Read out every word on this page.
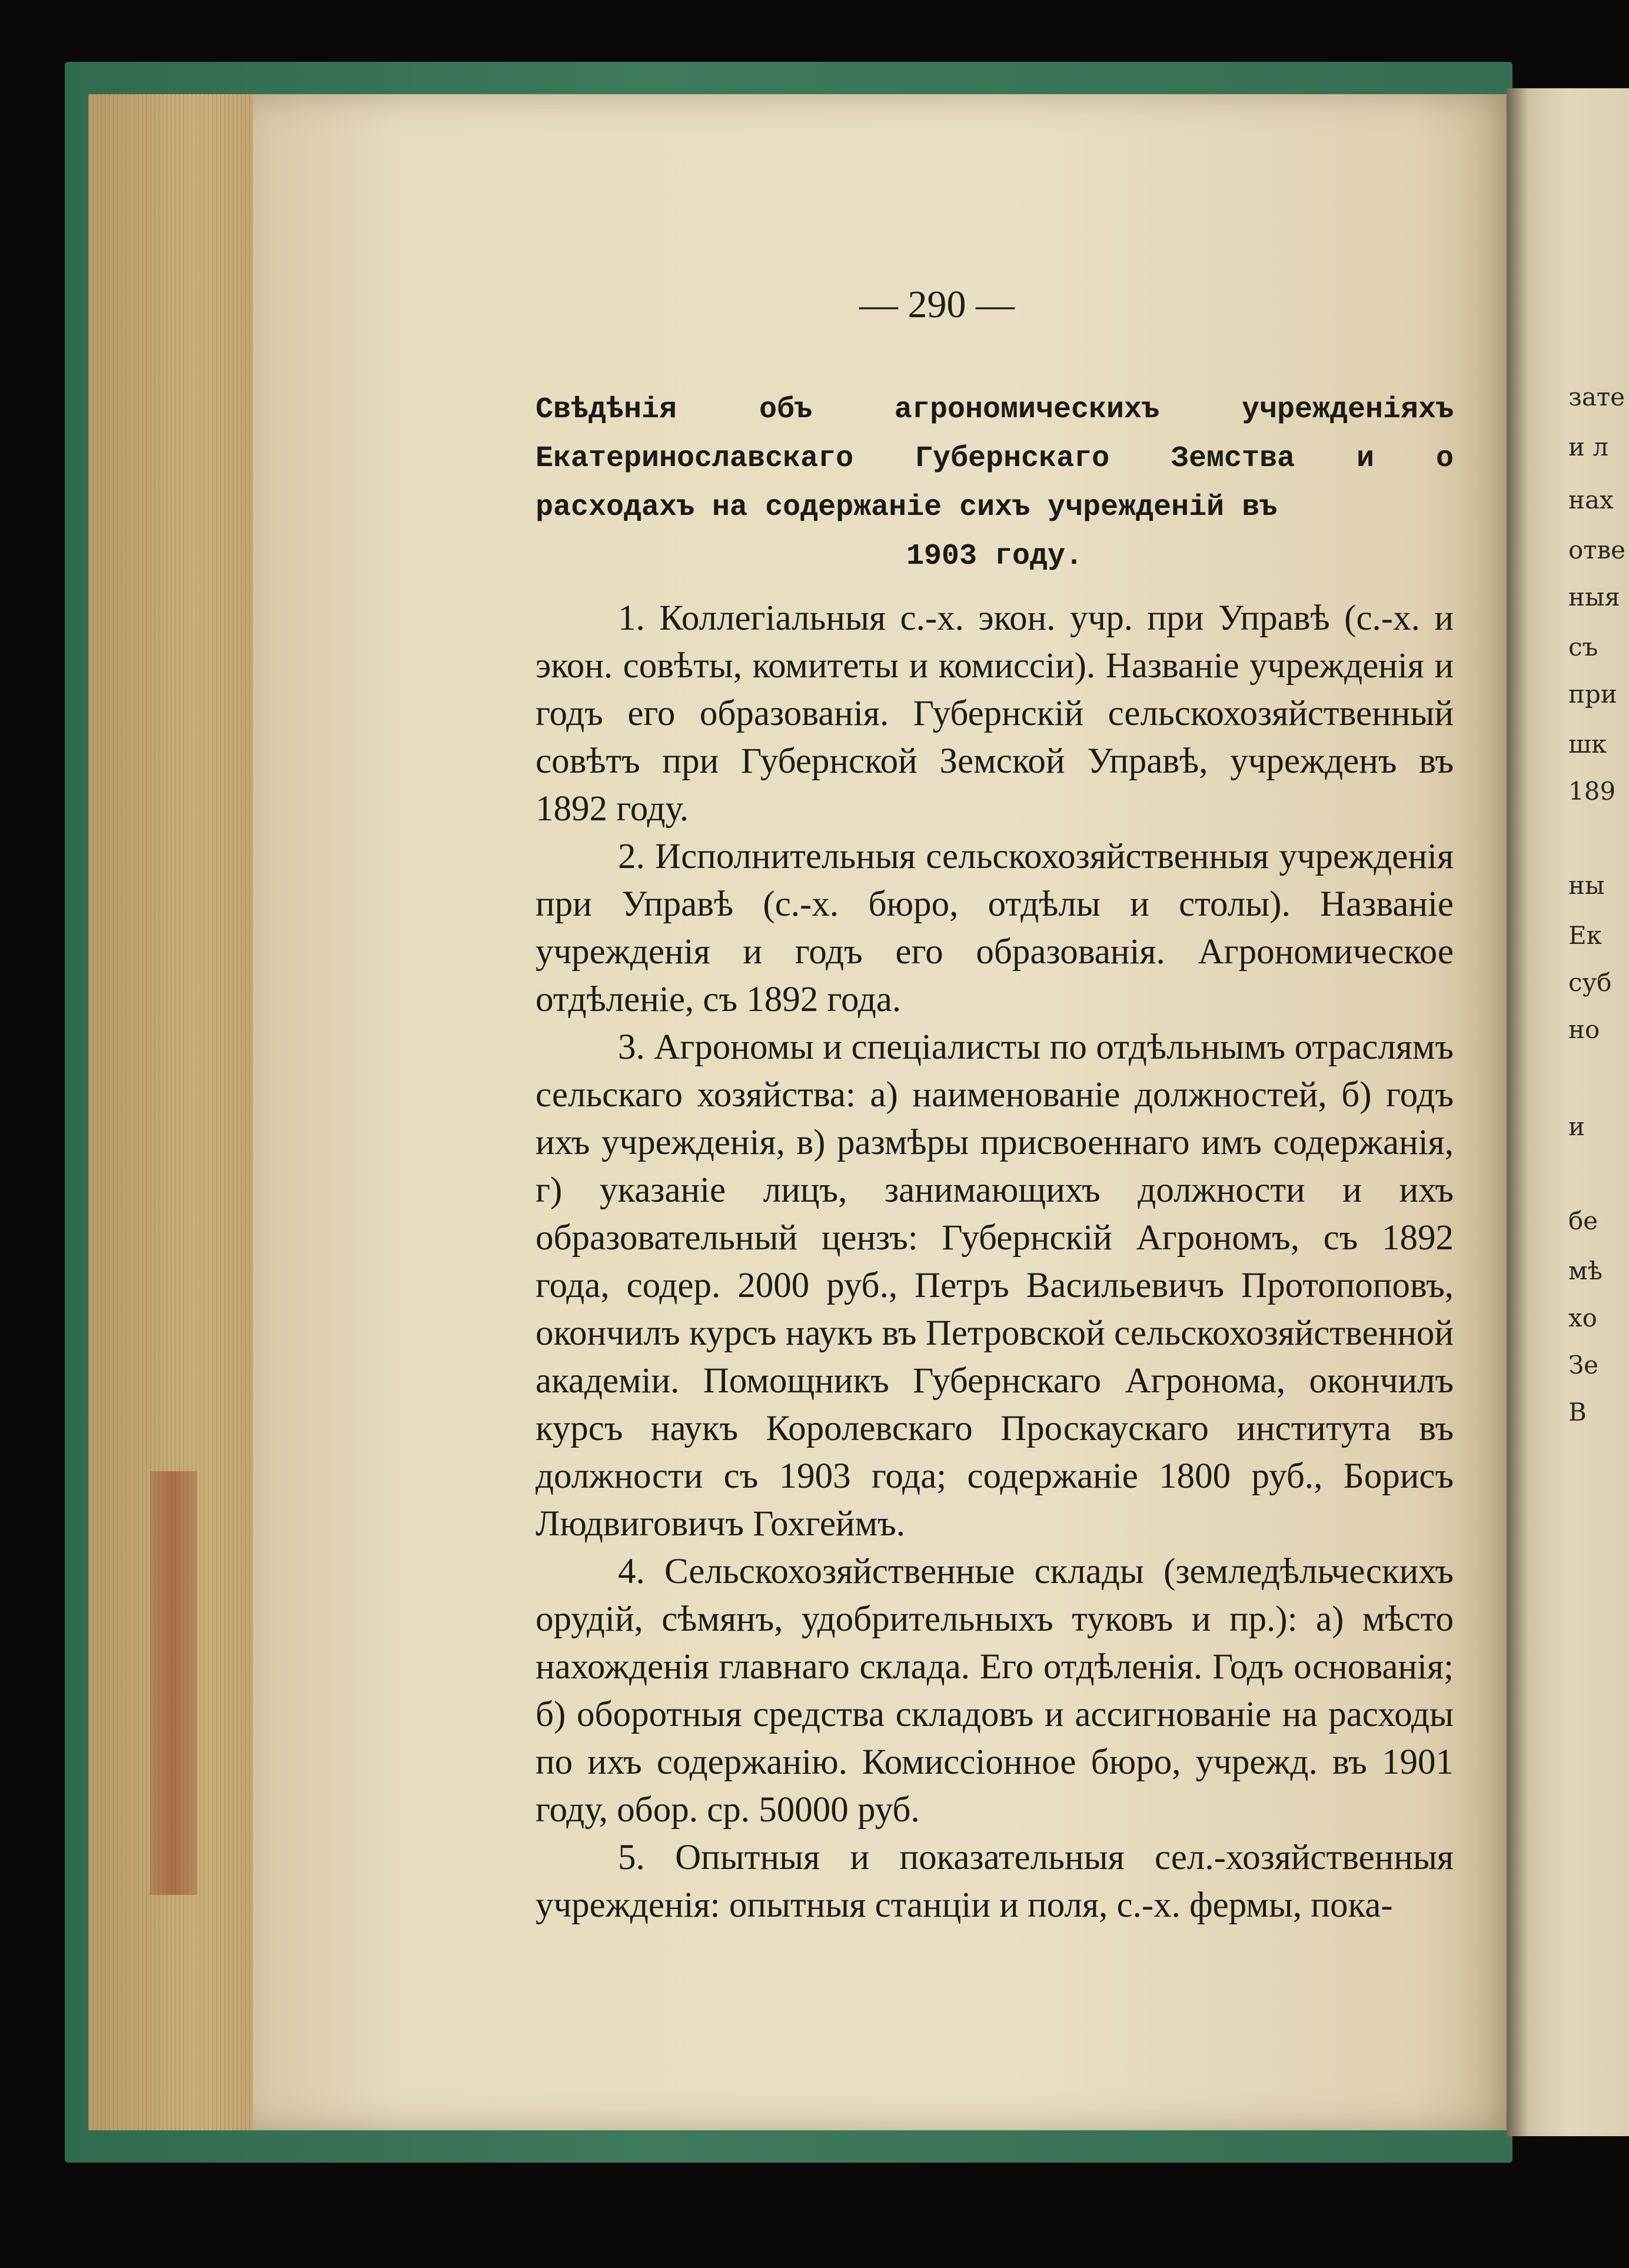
— 290 —
Свѣдѣнія объ агрономическихъ учрежденіяхъ Екатеринославскаго Губернскаго Земства и о расходахъ на содержаніе сихъ учрежденій въ
1903 году.

1. Коллегіальныя с.-х. экон. учр. при Управѣ (с.-х. и экон. совѣты, комитеты и комиссіи). Названіе учрежденія и годъ его образованія. Губернскій сельскохозяйственный совѣтъ при Губернской Земской Управѣ, учрежденъ въ 1892 году.

2. Исполнительныя сельскохозяйственныя учрежденія при Управѣ (с.-х. бюро, отдѣлы и столы). Названіе учрежденія и годъ его образованія. Агрономическое отдѣленіе, съ 1892 года.

3. Агрономы и спеціалисты по отдѣльнымъ отраслямъ сельскаго хозяйства: а) наименованіе должностей, б) годъ ихъ учрежденія, в) размѣры присвоеннаго имъ содержанія, г) указаніе лицъ, занимающихъ должности и ихъ образовательный цензъ: Губернскій Агрономъ, съ 1892 года, содер. 2000 руб., Петръ Васильевичъ Протопоповъ, окончилъ курсъ наукъ въ Петровской сельскохозяйственной академіи. Помощникъ Губернскаго Агронома, окончилъ курсъ наукъ Королевскаго Проскаускаго института въ должности съ 1903 года; содержаніе 1800 руб., Борисъ Людвиговичъ Гохгеймъ.

4. Сельскохозяйственные склады (земледѣльческихъ орудій, сѣмянъ, удобрительныхъ туковъ и пр.): а) мѣсто нахожденія главнаго склада. Его отдѣленія. Годъ основанія; б) оборотныя средства складовъ и ассигнованіе на расходы по ихъ содержанію. Комиссіонное бюро, учрежд. въ 1901 году, обор. ср. 50000 руб.

5. Опытныя и показательныя сел.-хозяйственныя учрежденія: опытныя станціи и поля, с.-х. фермы, пока-

зате
и л
нах
отве
ныя
съ
при
шк
189
ны
Ек
суб
но
и
бе
мѣ
хо
Зе
В
